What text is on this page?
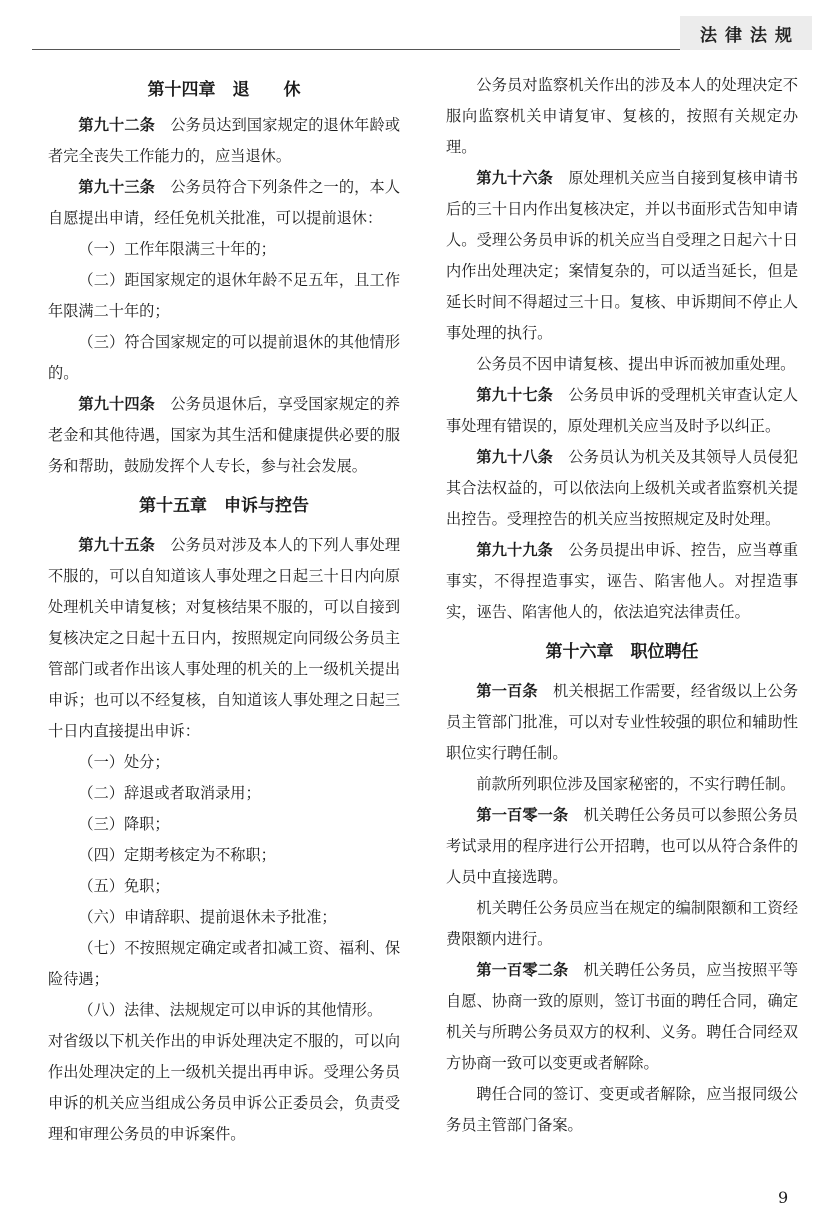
法律法规
第十四章　退　　休

第九十二条　 公务员达到国家规定的退休年龄或者完全丧失工作能力的，应当退休。

第九十三条　 公务员符合下列条件之一的，本人自愿提出申请，经任免机关批准，可以提前退休：

（一）工作年限满三十年的；

（二）距国家规定的退休年龄不足五年，且工作年限满二十年的；

（三）符合国家规定的可以提前退休的其他情形的。

第九十四条　 公务员退休后，享受国家规定的养老金和其他待遇，国家为其生活和健康提供必要的服务和帮助，鼓励发挥个人专长，参与社会发展。

第十五章　申诉与控告

第九十五条　 公务员对涉及本人的下列人事处理不服的，可以自知道该人事处理之日起三十日内向原处理机关申请复核；对复核结果不服的，可以自接到复核决定之日起十五日内，按照规定向同级公务员主管部门或者作出该人事处理的机关的上一级机关提出申诉；也可以不经复核，自知道该人事处理之日起三十日内直接提出申诉：

（一）处分；

（二）辞退或者取消录用；

（三）降职；

（四）定期考核定为不称职；

（五）免职；

（六）申请辞职、提前退休未予批准；

（七）不按照规定确定或者扣减工资、福利、保险待遇；

（八）法律、法规规定可以申诉的其他情形。

对省级以下机关作出的申诉处理决定不服的，可以向作出处理决定的上一级机关提出再申诉。受理公务员申诉的机关应当组成公务员申诉公正委员会，负责受理和审理公务员的申诉案件。

公务员对监察机关作出的涉及本人的处理决定不服向监察机关申请复审、复核的，按照有关规定办理。

第九十六条　 原处理机关应当自接到复核申请书后的三十日内作出复核决定，并以书面形式告知申请人。受理公务员申诉的机关应当自受理之日起六十日内作出处理决定；案情复杂的，可以适当延长，但是延长时间不得超过三十日。复核、申诉期间不停止人事处理的执行。

公务员不因申请复核、提出申诉而被加重处理。

第九十七条　 公务员申诉的受理机关审查认定人事处理有错误的，原处理机关应当及时予以纠正。

第九十八条　 公务员认为机关及其领导人员侵犯其合法权益的，可以依法向上级机关或者监察机关提出控告。受理控告的机关应当按照规定及时处理。

第九十九条　 公务员提出申诉、控告，应当尊重事实，不得捏造事实，诬告、陷害他人。对捏造事实，诬告、陷害他人的，依法追究法律责任。

第十六章　职位聘任

第一百条　 机关根据工作需要，经省级以上公务员主管部门批准，可以对专业性较强的职位和辅助性职位实行聘任制。

前款所列职位涉及国家秘密的，不实行聘任制。

第一百零一条　 机关聘任公务员可以参照公务员考试录用的程序进行公开招聘，也可以从符合条件的人员中直接选聘。

机关聘任公务员应当在规定的编制限额和工资经费限额内进行。

第一百零二条　 机关聘任公务员，应当按照平等自愿、协商一致的原则，签订书面的聘任合同，确定机关与所聘公务员双方的权利、义务。聘任合同经双方协商一致可以变更或者解除。

聘任合同的签订、变更或者解除，应当报同级公务员主管部门备案。

9
